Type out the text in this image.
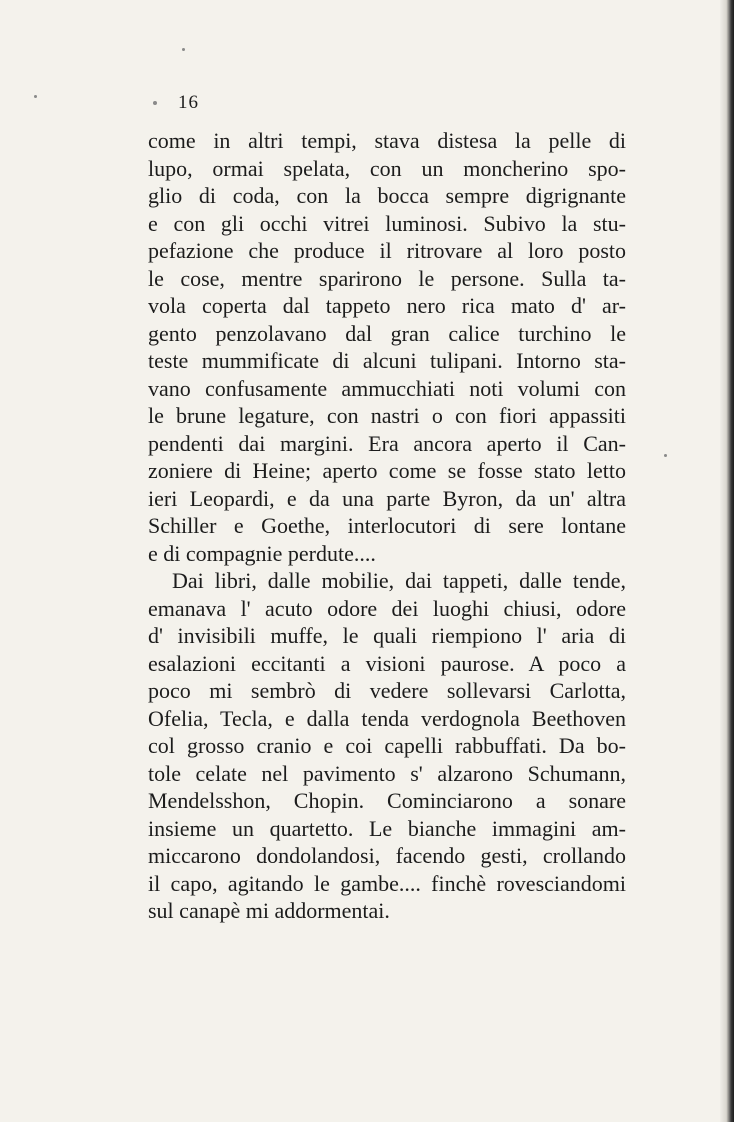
16
come in altri tempi, stava distesa la pelle di
lupo, ormai spelata, con un moncherino spo-
glio di coda, con la bocca sempre digrignante
e con gli occhi vitrei luminosi. Subivo la stu-
pefazione che produce il ritrovare al loro posto
le cose, mentre sparirono le persone. Sulla ta-
vola coperta dal tappeto nero rica mato d' ar-
gento penzolavano dal gran calice turchino le
teste mummificate di alcuni tulipani. Intorno sta-
vano confusamente ammucchiati noti volumi con
le brune legature, con nastri o con fiori appassiti
pendenti dai margini. Era ancora aperto il Can-
zoniere di Heine; aperto come se fosse stato letto
ieri Leopardi, e da una parte Byron, da un' altra
Schiller e Goethe, interlocutori di sere lontane
e di compagnie perdute....
Dai libri, dalle mobilie, dai tappeti, dalle tende,
emanava l' acuto odore dei luoghi chiusi, odore
d' invisibili muffe, le quali riempiono l' aria di
esalazioni eccitanti a visioni paurose. A poco a
poco mi sembrò di vedere sollevarsi Carlotta,
Ofelia, Tecla, e dalla tenda verdognola Beethoven
col grosso cranio e coi capelli rabbuffati. Da bo-
tole celate nel pavimento s' alzarono Schumann,
Mendelsshon, Chopin. Cominciarono a sonare
insieme un quartetto. Le bianche immagini am-
miccarono dondolandosi, facendo gesti, crollando
il capo, agitando le gambe.... finchè rovesciandomi
sul canapè mi addormentai.
